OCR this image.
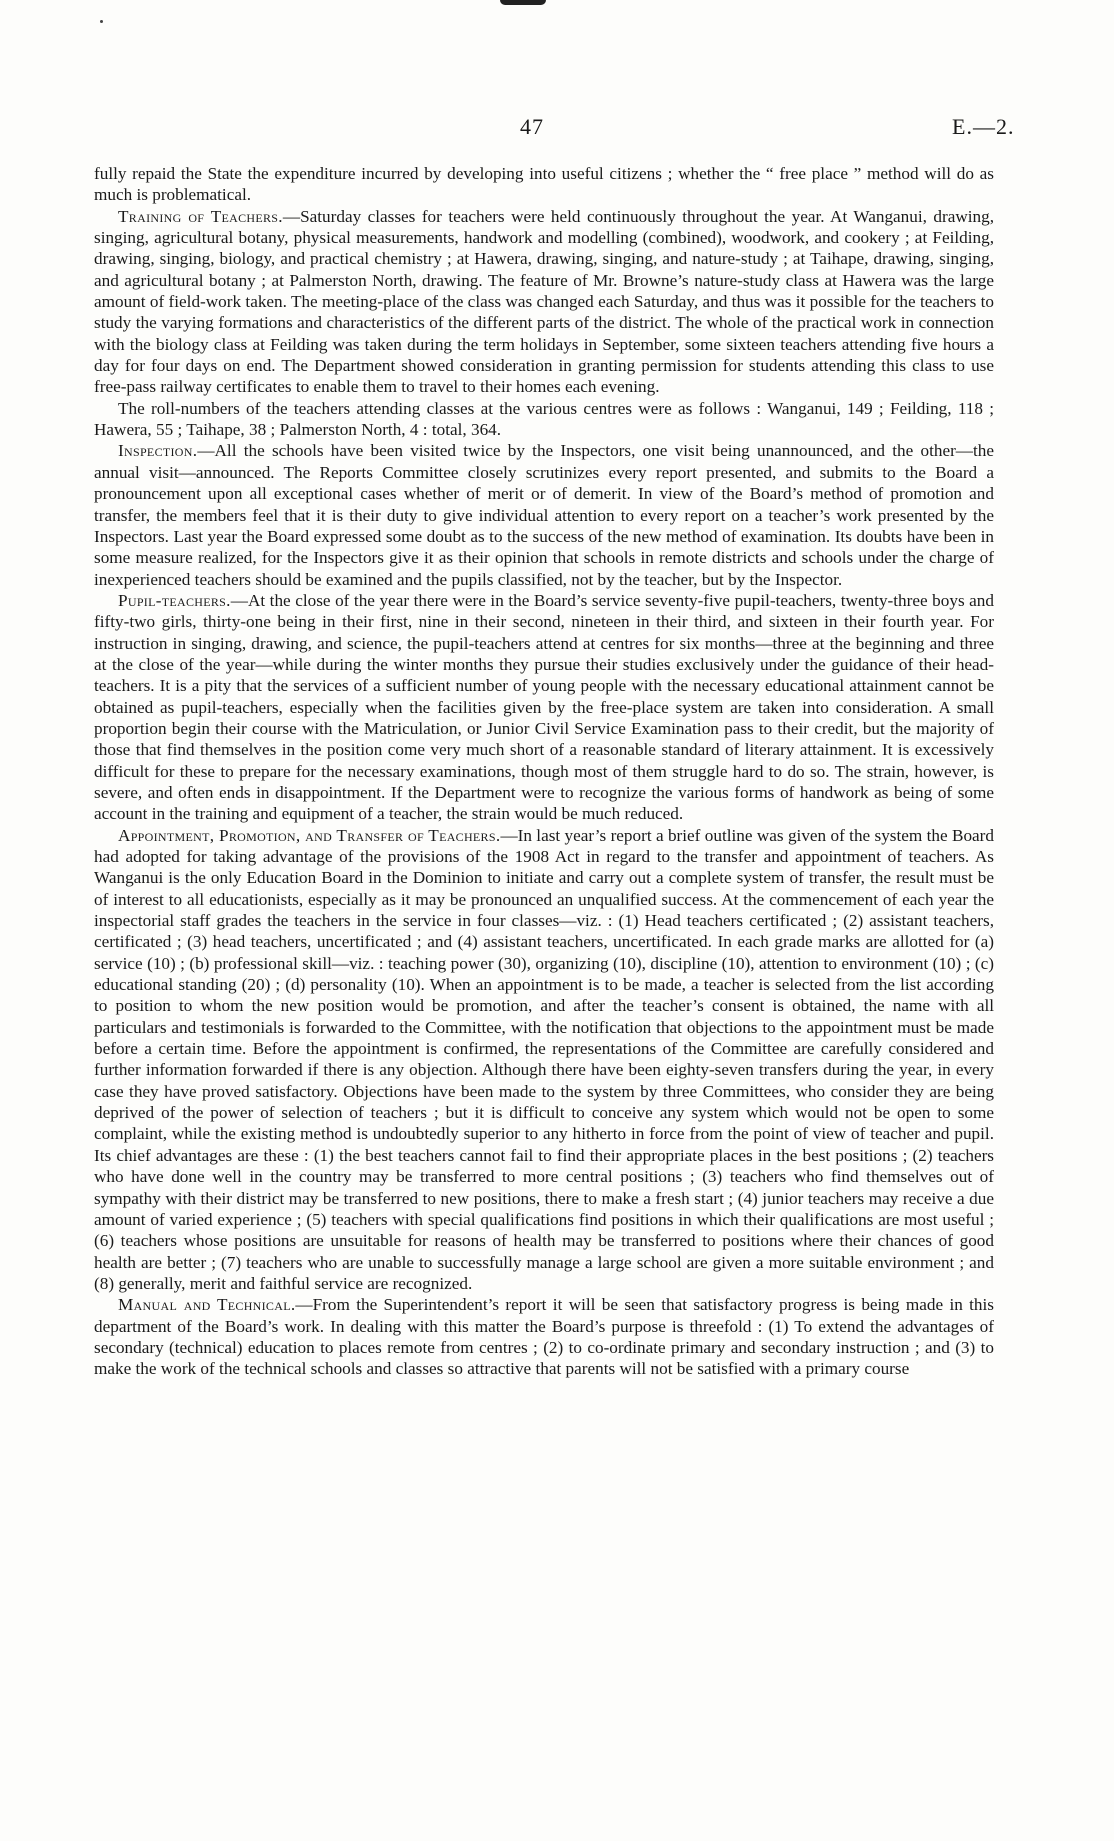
47	E.—2.

fully repaid the State the expenditure incurred by developing into useful citizens ; whether the “ free place ” method will do as much is problematical.

Training of Teachers.—Saturday classes for teachers were held continuously throughout the year. At Wanganui, drawing, singing, agricultural botany, physical measurements, handwork and modelling (combined), woodwork, and cookery ; at Feilding, drawing, singing, biology, and practical chemistry ; at Hawera, drawing, singing, and nature-study ; at Taihape, drawing, singing, and agricultural botany ; at Palmerston North, drawing. The feature of Mr. Browne’s nature-study class at Hawera was the large amount of field-work taken. The meeting-place of the class was changed each Saturday, and thus was it possible for the teachers to study the varying formations and characteristics of the different parts of the district. The whole of the practical work in connection with the biology class at Feilding was taken during the term holidays in September, some sixteen teachers attending five hours a day for four days on end. The Department showed consideration in granting permission for students attending this class to use free-pass railway certificates to enable them to travel to their homes each evening.

The roll-numbers of the teachers attending classes at the various centres were as follows : Wanganui, 149 ; Feilding, 118 ; Hawera, 55 ; Taihape, 38 ; Palmerston North, 4 : total, 364.

Inspection.—All the schools have been visited twice by the Inspectors, one visit being unannounced, and the other—the annual visit—announced. The Reports Committee closely scrutinizes every report presented, and submits to the Board a pronouncement upon all exceptional cases whether of merit or of demerit. In view of the Board’s method of promotion and transfer, the members feel that it is their duty to give individual attention to every report on a teacher’s work presented by the Inspectors. Last year the Board expressed some doubt as to the success of the new method of examination. Its doubts have been in some measure realized, for the Inspectors give it as their opinion that schools in remote districts and schools under the charge of inexperienced teachers should be examined and the pupils classified, not by the teacher, but by the Inspector.

Pupil-teachers.—At the close of the year there were in the Board’s service seventy-five pupil-teachers, twenty-three boys and fifty-two girls, thirty-one being in their first, nine in their second, nineteen in their third, and sixteen in their fourth year. For instruction in singing, drawing, and science, the pupil-teachers attend at centres for six months—three at the beginning and three at the close of the year—while during the winter months they pursue their studies exclusively under the guidance of their head-teachers. It is a pity that the services of a sufficient number of young people with the necessary educational attainment cannot be obtained as pupil-teachers, especially when the facilities given by the free-place system are taken into consideration. A small proportion begin their course with the Matriculation, or Junior Civil Service Examination pass to their credit, but the majority of those that find themselves in the position come very much short of a reasonable standard of literary attainment. It is excessively difficult for these to prepare for the necessary examinations, though most of them struggle hard to do so. The strain, however, is severe, and often ends in disappointment. If the Department were to recognize the various forms of handwork as being of some account in the training and equipment of a teacher, the strain would be much reduced.

Appointment, Promotion, and Transfer of Teachers.—In last year’s report a brief outline was given of the system the Board had adopted for taking advantage of the provisions of the 1908 Act in regard to the transfer and appointment of teachers. As Wanganui is the only Education Board in the Dominion to initiate and carry out a complete system of transfer, the result must be of interest to all educationists, especially as it may be pronounced an unqualified success. At the commencement of each year the inspectorial staff grades the teachers in the service in four classes—viz. : (1) Head teachers certificated ; (2) assistant teachers, certificated ; (3) head teachers, uncertificated ; and (4) assistant teachers, uncertificated. In each grade marks are allotted for (a) service (10) ; (b) professional skill—viz. : teaching power (30), organizing (10), discipline (10), attention to environment (10) ; (c) educational standing (20) ; (d) personality (10). When an appointment is to be made, a teacher is selected from the list according to position to whom the new position would be promotion, and after the teacher’s consent is obtained, the name with all particulars and testimonials is forwarded to the Committee, with the notification that objections to the appointment must be made before a certain time. Before the appointment is confirmed, the representations of the Committee are carefully considered and further information forwarded if there is any objection. Although there have been eighty-seven transfers during the year, in every case they have proved satisfactory. Objections have been made to the system by three Committees, who consider they are being deprived of the power of selection of teachers ; but it is difficult to conceive any system which would not be open to some complaint, while the existing method is undoubtedly superior to any hitherto in force from the point of view of teacher and pupil. Its chief advantages are these : (1) the best teachers cannot fail to find their appropriate places in the best positions ; (2) teachers who have done well in the country may be transferred to more central positions ; (3) teachers who find themselves out of sympathy with their district may be transferred to new positions, there to make a fresh start ; (4) junior teachers may receive a due amount of varied experience ; (5) teachers with special qualifications find positions in which their qualifications are most useful ; (6) teachers whose positions are unsuitable for reasons of health may be transferred to positions where their chances of good health are better ; (7) teachers who are unable to successfully manage a large school are given a more suitable environment ; and (8) generally, merit and faithful service are recognized.

Manual and Technical.—From the Superintendent’s report it will be seen that satisfactory progress is being made in this department of the Board’s work. In dealing with this matter the Board’s purpose is threefold : (1) To extend the advantages of secondary (technical) education to places remote from centres ; (2) to co-ordinate primary and secondary instruction ; and (3) to make the work of the technical schools and classes so attractive that parents will not be satisfied with a primary course
